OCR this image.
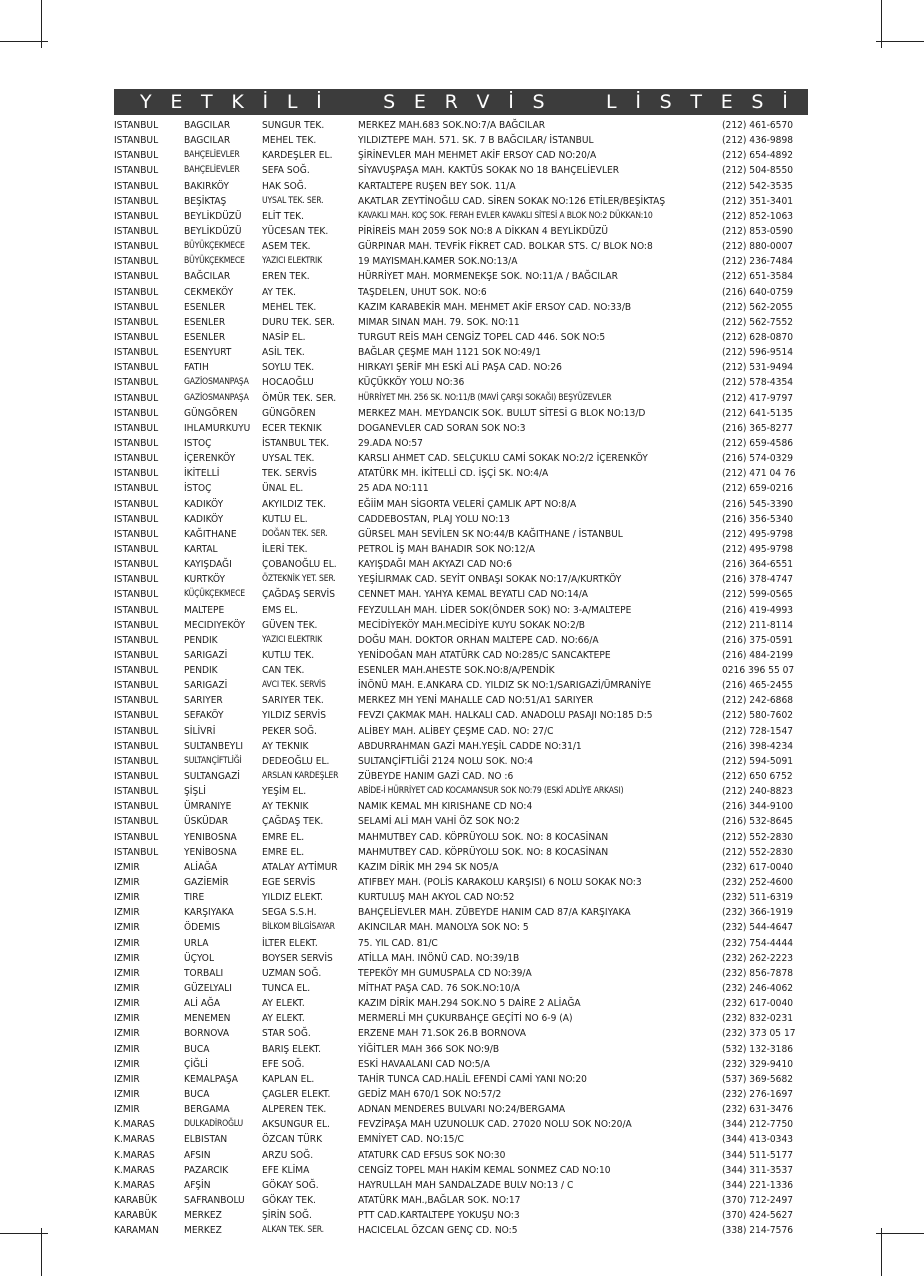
Y E T K İ L İ	S E R V İ S	L İ S T E S İ
ISTANBUL	BAGCILAR	SUNGUR TEK.	MERKEZ MAH.683 SOK.NO:7/A BAĞCILAR	(212) 461-6570
ISTANBUL	BAGCILAR	MEHEL TEK.	YILDIZTEPE MAH. 571. SK. 7 B BAĞCILAR/ İSTANBUL	(212) 436-9898
ISTANBUL	BAHÇELİEVLER	KARDEŞLER EL.	ŞİRİNEVLER MAH MEHMET AKİF ERSOY CAD NO:20/A	(212) 654-4892
ISTANBUL	BAHÇELİEVLER	SEFA SOĞ.	SİYAVUŞPAŞA MAH. KAKTÜS SOKAK NO 18 BAHÇELİEVLER	(212) 504-8550
ISTANBUL	BAKIRKÖY	HAK SOĞ.	KARTALTEPE RUŞEN BEY SOK. 11/A	(212) 542-3535
ISTANBUL	BEŞİKTAŞ	UYSAL TEK. SER.	AKATLAR ZEYTİNOĞLU CAD. SİREN SOKAK NO:126 ETİLER/BEŞİKTAŞ	(212) 351-3401
ISTANBUL	BEYLİKDÜZÜ	ELİT TEK.	KAVAKLI MAH. KOÇ SOK. FERAH EVLER KAVAKLI SİTESİ A BLOK NO:2 DÜKKAN:10	(212) 852-1063
ISTANBUL	BEYLİKDÜZÜ	YÜCESAN TEK.	PİRİREİS MAH 2059 SOK NO:8 A DİKKAN 4 BEYLİKDÜZÜ	(212) 853-0590
ISTANBUL	BÜYÜKÇEKMECE	ASEM TEK.	GÜRPINAR MAH. TEVFİK FİKRET CAD. BOLKAR STS. C/ BLOK NO:8	(212) 880-0007
ISTANBUL	BÜYÜKÇEKMECE	YAZICI ELEKTRIK	19 MAYISMAH.KAMER SOK.NO:13/A	(212) 236-7484
ISTANBUL	BAĞCILAR	EREN TEK.	HÜRRİYET MAH. MORMENEKŞE SOK. NO:11/A / BAĞCILAR	(212) 651-3584
ISTANBUL	CEKMEKÖY	AY TEK.	TAŞDELEN, UHUT SOK. NO:6	(216) 640-0759
ISTANBUL	ESENLER	MEHEL TEK.	KAZIM KARABEKİR MAH. MEHMET AKİF ERSOY CAD. NO:33/B	(212) 562-2055
ISTANBUL	ESENLER	DURU TEK. SER.	MIMAR SINAN MAH. 79. SOK. NO:11	(212) 562-7552
ISTANBUL	ESENLER	NASİP EL.	TURGUT REİS MAH CENGİZ TOPEL CAD 446. SOK NO:5	(212) 628-0870
ISTANBUL	ESENYURT	ASİL TEK.	BAĞLAR ÇEŞME MAH 1121 SOK NO:49/1	(212) 596-9514
ISTANBUL	FATIH	SOYLU TEK.	HIRKAYI ŞERİF MH ESKİ ALİ PAŞA CAD. NO:26	(212) 531-9494
ISTANBUL	GAZİOSMANPAŞA	HOCAOĞLU	KÜÇÜKKÖY YOLU NO:36	(212) 578-4354
ISTANBUL	GAZİOSMANPAŞA	ÖMÜR TEK. SER.	HÜRRİYET MH. 256 SK. NO:11/B (MAVİ ÇARŞI SOKAĞI) BEŞYÜZEVLER	(212) 417-9797
ISTANBUL	GÜNGÖREN	GÜNGÖREN	MERKEZ MAH. MEYDANCIK SOK. BULUT SİTESİ G BLOK NO:13/D	(212) 641-5135
ISTANBUL	IHLAMURKUYU	ECER TEKNIK	DOGANEVLER CAD SORAN SOK NO:3	(216) 365-8277
ISTANBUL	ISTOÇ	İSTANBUL TEK.	29.ADA NO:57	(212) 659-4586
ISTANBUL	İÇERENKÖY	UYSAL TEK.	KARSLI AHMET CAD. SELÇUKLU CAMİ SOKAK NO:2/2 İÇERENKÖY	(216) 574-0329
ISTANBUL	İKİTELLİ	TEK. SERVİS	ATATÜRK MH. İKİTELLİ CD. İŞÇİ SK. NO:4/A	(212) 471 04 76
ISTANBUL	İSTOÇ	ÜNAL EL.	25 ADA NO:111	(212) 659-0216
ISTANBUL	KADIKÖY	AKYILDIZ TEK.	EĞİİM MAH SİGORTA VELERİ ÇAMLIK APT NO:8/A	(216) 545-3390
ISTANBUL	KADIKÖY	KUTLU EL.	CADDEBOSTAN, PLAJ YOLU NO:13	(216) 356-5340
ISTANBUL	KAĞITHANE	DOĞAN TEK. SER.	GÜRSEL MAH SEVİLEN SK NO:44/B KAĞITHANE / İSTANBUL	(212) 495-9798
ISTANBUL	KARTAL	İLERİ TEK.	PETROL İŞ MAH BAHADIR SOK NO:12/A	(212) 495-9798
ISTANBUL	KAYIŞDAĞI	ÇOBANOĞLU EL.	KAYIŞDAĞI MAH AKYAZI CAD NO:6	(216) 364-6551
ISTANBUL	KURTKÖY	ÖZTEKNİK YET. SER.	YEŞİLIRMAK CAD. SEYİT ONBAŞI SOKAK NO:17/A/KURTKÖY	(216) 378-4747
ISTANBUL	KÜÇÜKÇEKMECE	ÇAĞDAŞ SERVİS	CENNET MAH. YAHYA KEMAL BEYATLI CAD NO:14/A	(212) 599-0565
ISTANBUL	MALTEPE	EMS EL.	FEYZULLAH MAH. LİDER SOK(ÖNDER SOK) NO: 3-A/MALTEPE	(216) 419-4993
ISTANBUL	MECIDIYEKÖY	GÜVEN TEK.	MECİDİYEKÖY MAH.MECİDİYE KUYU SOKAK NO:2/B	(212) 211-8114
ISTANBUL	PENDIK	YAZICI ELEKTRIK	DOĞU MAH. DOKTOR ORHAN MALTEPE CAD. NO:66/A	(216) 375-0591
ISTANBUL	SARIGAZİ	KUTLU TEK.	YENİDOĞAN MAH ATATÜRK CAD NO:285/C SANCAKTEPE	(216) 484-2199
ISTANBUL	PENDIK	CAN TEK.	ESENLER MAH.AHESTE SOK.NO:8/A/PENDİK	0216 396 55 07
ISTANBUL	SARIGAZİ	AVCI TEK. SERVİS	İNÖNÜ MAH. E.ANKARA CD. YILDIZ SK NO:1/SARIGAZİ/ÜMRANİYE	(216) 465-2455
ISTANBUL	SARIYER	SARIYER TEK.	MERKEZ MH YENİ MAHALLE CAD NO:51/A1 SARIYER	(212) 242-6868
ISTANBUL	SEFAKÖY	YILDIZ SERVİS	FEVZI ÇAKMAK MAH. HALKALI CAD. ANADOLU PASAJI NO:185 D:5	(212) 580-7602
ISTANBUL	SİLİVRİ	PEKER SOĞ.	ALİBEY MAH. ALİBEY ÇEŞME CAD. NO: 27/C	(212) 728-1547
ISTANBUL	SULTANBEYLI	AY TEKNIK	ABDURRAHMAN GAZİ MAH.YEŞİL CADDE NO:31/1	(216) 398-4234
ISTANBUL	SULTANÇİFTLİĞİ	DEDEOĞLU EL.	SULTANÇİFTLİĞİ 2124 NOLU SOK. NO:4	(212) 594-5091
ISTANBUL	SULTANGAZİ	ARSLAN KARDEŞLER	ZÜBEYDE HANIM GAZİ CAD. NO :6	(212) 650 6752
ISTANBUL	ŞİŞLİ	YEŞİM EL.	ABİDE-İ HÜRRİYET CAD KOCAMANSUR SOK NO:79 (ESKİ ADLİYE ARKASI)	(212) 240-8823
ISTANBUL	ÜMRANIYE	AY TEKNIK	NAMIK KEMAL MH KIRISHANE CD NO:4	(216) 344-9100
ISTANBUL	ÜSKÜDAR	ÇAĞDAŞ TEK.	SELAMİ ALİ MAH VAHİ ÖZ SOK NO:2	(216) 532-8645
ISTANBUL	YENIBOSNA	EMRE EL.	MAHMUTBEY CAD. KÖPRÜYOLU SOK. NO: 8 KOCASİNAN	(212) 552-2830
ISTANBUL	YENİBOSNA	EMRE EL.	MAHMUTBEY CAD. KÖPRÜYOLU SOK. NO: 8 KOCASİNAN	(212) 552-2830
IZMIR	ALİAĞA	ATALAY AYTİMUR	KAZIM DİRİK MH 294 SK NO5/A	(232) 617-0040
IZMIR	GAZİEMİR	EGE SERVİS	ATIFBEY MAH. (POLİS KARAKOLU KARŞISI) 6 NOLU SOKAK NO:3	(232) 252-4600
IZMIR	TIRE	YILDIZ ELEKT.	KURTULUŞ MAH AKYOL CAD NO:52	(232) 511-6319
IZMIR	KARŞIYAKA	SEGA S.S.H.	BAHÇELİEVLER MAH. ZÜBEYDE HANIM CAD 87/A KARŞIYAKA	(232) 366-1919
IZMIR	ÖDEMIS	BİLKOM BİLGİSAYAR	AKINCILAR MAH. MANOLYA SOK NO: 5	(232) 544-4647
IZMIR	URLA	İLTER ELEKT.	75. YIL CAD. 81/C	(232) 754-4444
IZMIR	ÜÇYOL	BOYSER SERVİS	ATİLLA MAH. INÖNÜ CAD. NO:39/1B	(232) 262-2223
IZMIR	TORBALI	UZMAN SOĞ.	TEPEKÖY MH GUMUSPALA CD NO:39/A	(232) 856-7878
IZMIR	GÜZELYALI	TUNCA EL.	MİTHAT PAŞA CAD. 76 SOK.NO:10/A	(232) 246-4062
IZMIR	ALİ AĞA	AY ELEKT.	KAZIM DİRİK MAH.294 SOK.NO 5 DAİRE 2 ALİAĞA	(232) 617-0040
IZMIR	MENEMEN	AY ELEKT.	MERMERLİ MH ÇUKURBAHÇE GEÇİTİ NO 6-9 (A)	(232) 832-0231
IZMIR	BORNOVA	STAR SOĞ.	ERZENE MAH 71.SOK 26.B BORNOVA	(232) 373 05 17
IZMIR	BUCA	BARIŞ ELEKT.	YİĞİTLER MAH 366 SOK NO:9/B	(532) 132-3186
IZMIR	ÇİĞLİ	EFE SOĞ.	ESKİ HAVAALANI CAD NO:5/A	(232) 329-9410
IZMIR	KEMALPAŞA	KAPLAN EL.	TAHİR TUNCA CAD.HALİL EFENDİ CAMİ YANI NO:20	(537) 369-5682
IZMIR	BUCA	ÇAGLER ELEKT.	GEDİZ MAH 670/1 SOK NO:57/2	(232) 276-1697
IZMIR	BERGAMA	ALPEREN TEK.	ADNAN MENDERES BULVARI NO:24/BERGAMA	(232) 631-3476
K.MARAS	DULKADİROĞLU	AKSUNGUR EL.	FEVZİPAŞA MAH UZUNOLUK CAD. 27020 NOLU SOK NO:20/A	(344) 212-7750
K.MARAS	ELBISTAN	ÖZCAN TÜRK	EMNİYET CAD. NO:15/C	(344) 413-0343
K.MARAS	AFSIN	ARZU SOĞ.	ATATURK CAD EFSUS SOK NO:30	(344) 511-5177
K.MARAS	PAZARCIK	EFE KLİMA	CENGİZ TOPEL MAH HAKİM KEMAL SONMEZ CAD NO:10	(344) 311-3537
K.MARAS	AFŞİN	GÖKAY SOĞ.	HAYRULLAH MAH SANDALZADE BULV NO:13 / C	(344) 221-1336
KARABÜK	SAFRANBOLU	GÖKAY TEK.	ATATÜRK MAH.,BAĞLAR SOK. NO:17	(370) 712-2497
KARABÜK	MERKEZ	ŞİRİN SOĞ.	PTT CAD.KARTALTEPE YOKUŞU NO:3	(370) 424-5627
KARAMAN	MERKEZ	ALKAN TEK. SER.	HACICELAL ÖZCAN GENÇ CD. NO:5	(338) 214-7576
